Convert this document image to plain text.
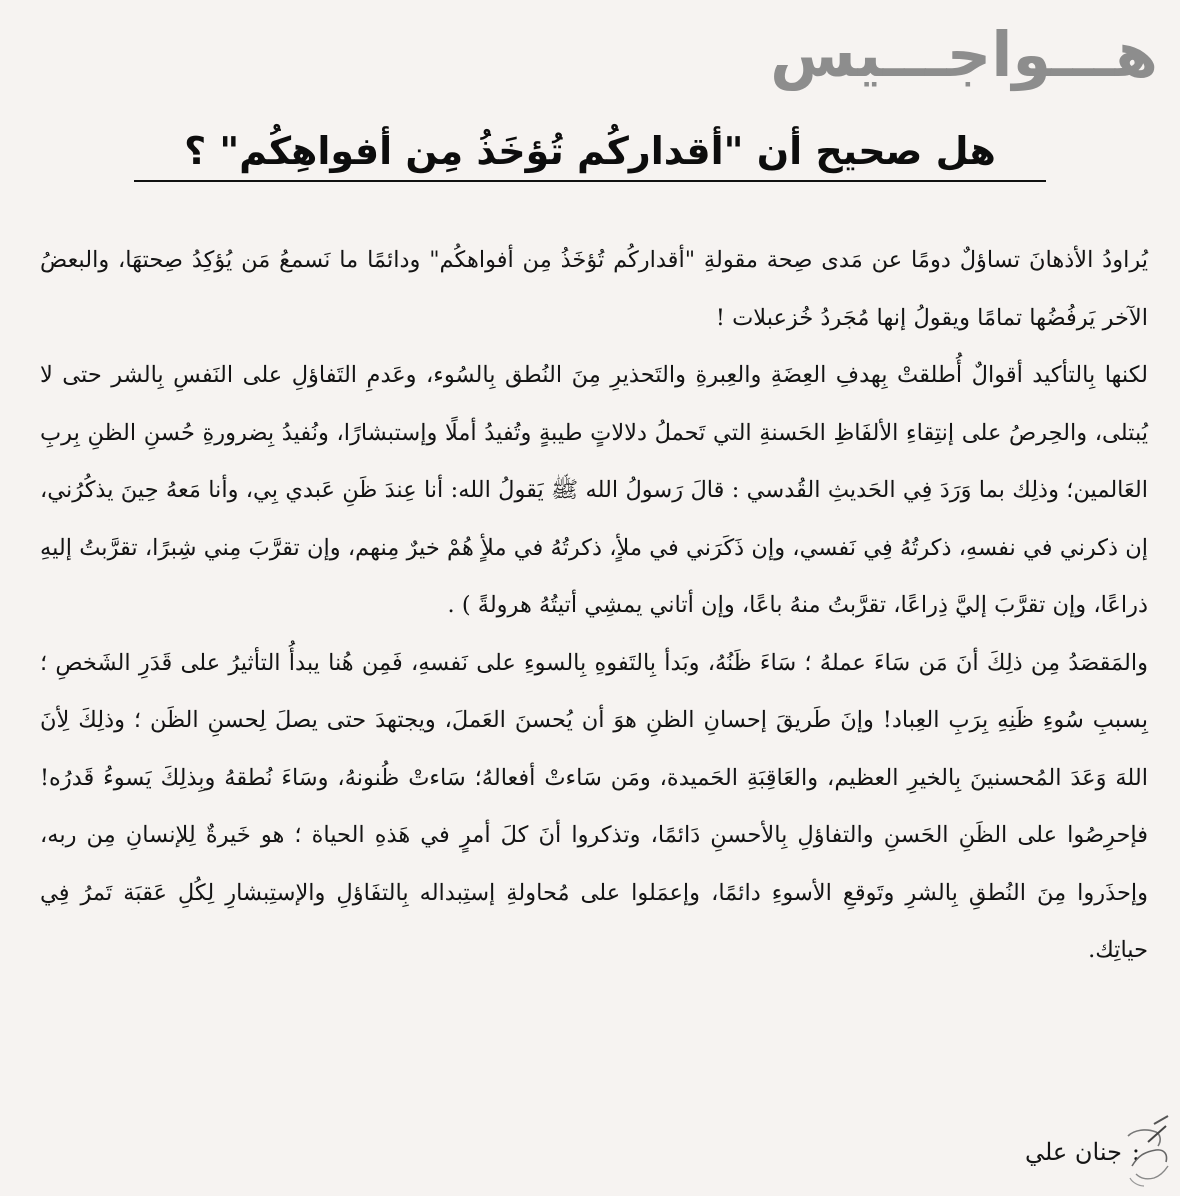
هـــواجـــيس
هل صحيح أن "أقداركُم تُؤخَذُ مِن أفواهِكُم" ؟

يُراودُ الأذهانَ تساؤلٌ دومًا عن مَدى صِحة مقولةِ "أقداركُم تُؤخَذُ مِن أفواهكُم" ودائمًا ما نَسمعُ مَن يُؤكِدُ صِحتهَا، والبعضُ الآخر يَرفُضُها تمامًا ويقولُ إنها مُجَردُ خُزعبلات !

لكنها بِالتأكيد أقوالٌ أُطلقتْ بِهدفِ العِضَةِ والعِبرةِ والتَحذيرِ مِنَ النُطق بِالسُوء، وعَدمِ التَفاؤلِ على النَفسِ بِالشر حتى لا يُبتلى، والحِرصُ على إنتِقاءِ الألفَاظِ الحَسنةِ التي تَحملُ دلالاتٍ طيبةٍ وتُفيدُ أملًا وإستبشارًا، ونُفيدُ بِضرورةِ حُسنِ الظنِ بِربِ العَالمين؛ وذلِك بما وَرَدَ فِي الحَديثِ القُدسي : قالَ رَسولُ الله ﷺ يَقولُ الله: أنا عِندَ ظَنِ عَبدي بِي، وأنا مَعهُ حِينَ يذكُرُني، إن ذكرني في نفسهِ، ذكرتُهُ فِي نَفسي، وإن ذَكَرَني في ملأٍ، ذكرتُهُ في ملأٍ هُمْ خيرٌ مِنهم، وإن تقرَّبَ مِني شِبرًا، تقرَّبتُ إليهِ ذراعًا، وإن تقرَّبَ إليَّ ذِراعًا، تقرَّبتُ منهُ باعًا، وإن أتاني يمشِي أتيتُهُ هرولةً ) .

والمَقصَدُ مِن ذلِكَ أنَ مَن سَاءَ عملهُ ؛ سَاءَ ظَنُهُ، وبَدأ بِالتَفوهِ بِالسوءِ على نَفسهِ، فَمِن هُنا يبدأُ التأثيرُ على قَدَرِ الشَخصِ ؛ بِسببِ سُوءِ ظَنِهِ بِرَبِ العِباد! وإنَ طَريقَ إحسانِ الظنِ هوَ أن يُحسنَ العَملَ، ويجتهدَ حتى يصلَ لِحسنِ الظَن ؛ وذلِكَ لِأنَ اللهَ وَعَدَ المُحسنينَ بِالخيرِ العظيم، والعَاقِبَةِ الحَميدة، ومَن سَاءتْ أفعالهُ؛ سَاءتْ ظُنونهُ، وسَاءَ نُطقهُ وبِذلِكَ يَسوءُ قَدرُه! فإحرِصُوا على الظَنِ الحَسنِ والتفاؤلِ بِالأحسنِ دَائمًا، وتذكروا أنَ كلَ أمرٍ في هَذهِ الحياة ؛ هو خَيرةٌ لِلإنسانِ مِن ربه، وإحذَروا مِنَ النُطقِ بِالشرِ وتَوقعِ الأسوءِ دائمًا، وإعمَلوا على مُحاولةِ إستِبداله بِالتفَاؤلِ والإستِبشارِ لِكُلِ عَقبَة تَمرُ فِي حياتِك.

:
جنان علي
